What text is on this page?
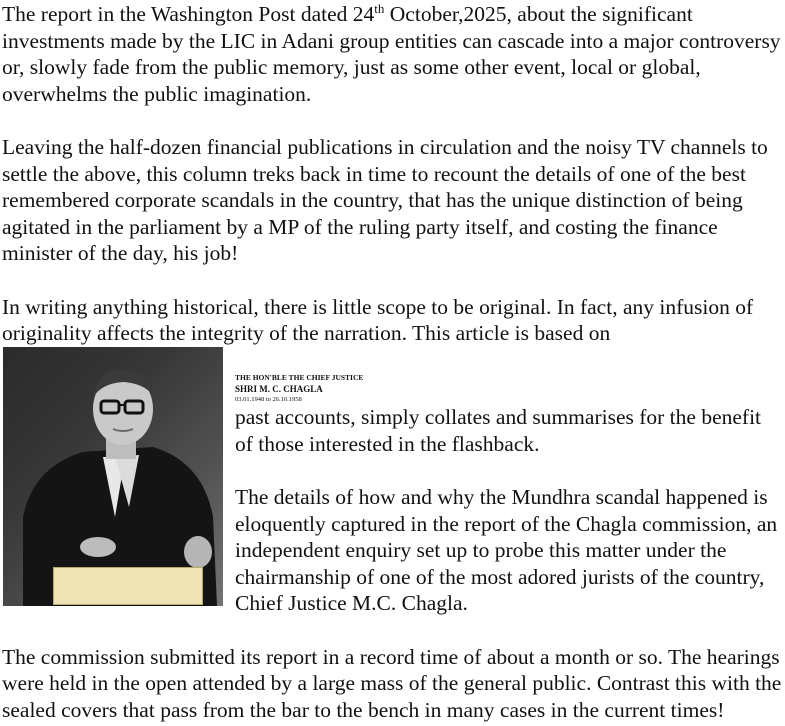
The report in the Washington Post dated 24th October,2025, about the significant investments made by the LIC in Adani group entities can cascade into a major controversy or, slowly fade from the public memory, just as some other event, local or global, overwhelms the public imagination.

Leaving the half-dozen financial publications in circulation and the noisy TV channels to settle the above, this column treks back in time to recount the details of one of the best remembered corporate scandals in the country, that has the unique distinction of being agitated in the parliament by a MP of the ruling party itself, and costing the finance minister of the day, his job!

In writing anything historical, there is little scope to be original. In fact, any infusion of originality affects the integrity of the narration. This article is based on

THE HON'BLE THE CHIEF JUSTICE
SHRI M. C. CHAGLA
03.01.1948 to 26.10.1958
past accounts, simply collates and summarises for the benefit of those interested in the flashback.

The details of how and why the Mundhra scandal happened is eloquently captured in the report of the Chagla commission, an independent enquiry set up to probe this matter under the chairmanship of one of the most adored jurists of the country, Chief Justice M.C. Chagla.

The commission submitted its report in a record time of about a month or so. The hearings were held in the open attended by a large mass of the general public. Contrast this with the sealed covers that pass from the bar to the bench in many cases in the current times!
